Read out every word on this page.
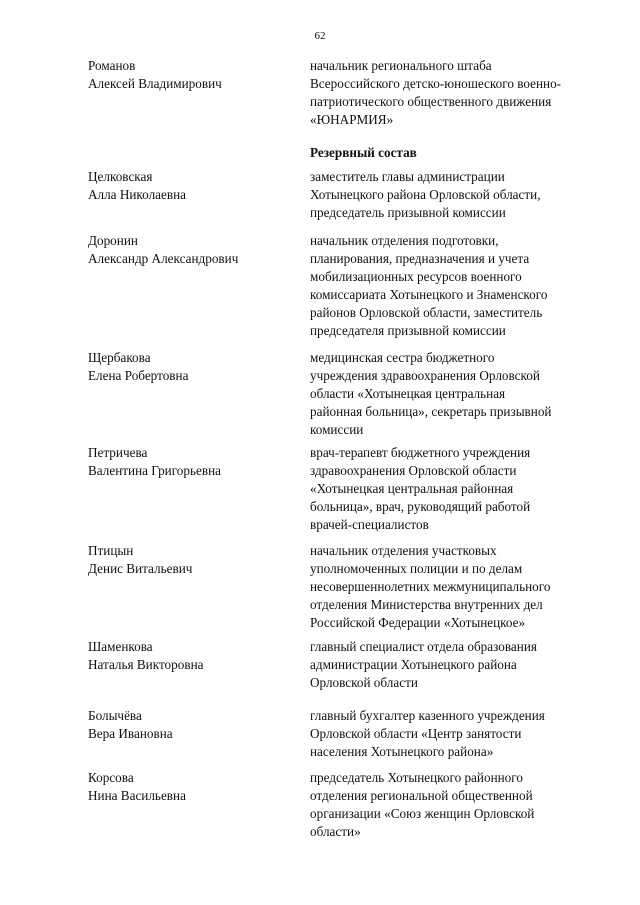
62
Романов
Алексей Владимирович
начальник регионального штаба
Всероссийского детско-юношеского военно-
патриотического общественного движения
«ЮНАРМИЯ»
Резервный состав
Целковская
Алла Николаевна
заместитель главы администрации
Хотынецкого района Орловской области,
председатель призывной комиссии
Доронин
Александр Александрович
начальник отделения подготовки,
планирования, предназначения и учета
мобилизационных ресурсов военного
комиссариата Хотынецкого и Знаменского
районов Орловской области, заместитель
председателя призывной комиссии
Щербакова
Елена Робертовна
медицинская сестра бюджетного
учреждения здравоохранения Орловской
области «Хотынецкая центральная
районная больница», секретарь призывной
комиссии
Петричева
Валентина Григорьевна
врач-терапевт бюджетного учреждения
здравоохранения Орловской области
«Хотынецкая центральная районная
больница», врач, руководящий работой
врачей-специалистов
Птицын
Денис Витальевич
начальник отделения участковых
уполномоченных полиции и по делам
несовершеннолетних межмуниципального
отделения Министерства внутренних дел
Российской Федерации «Хотынецкое»
Шаменкова
Наталья Викторовна
главный специалист отдела образования
администрации Хотынецкого района
Орловской области
Болычёва
Вера Ивановна
главный бухгалтер казенного учреждения
Орловской области «Центр занятости
населения Хотынецкого района»
Корсова
Нина Васильевна
председатель Хотынецкого районного
отделения региональной общественной
организации «Союз женщин Орловской
области»
